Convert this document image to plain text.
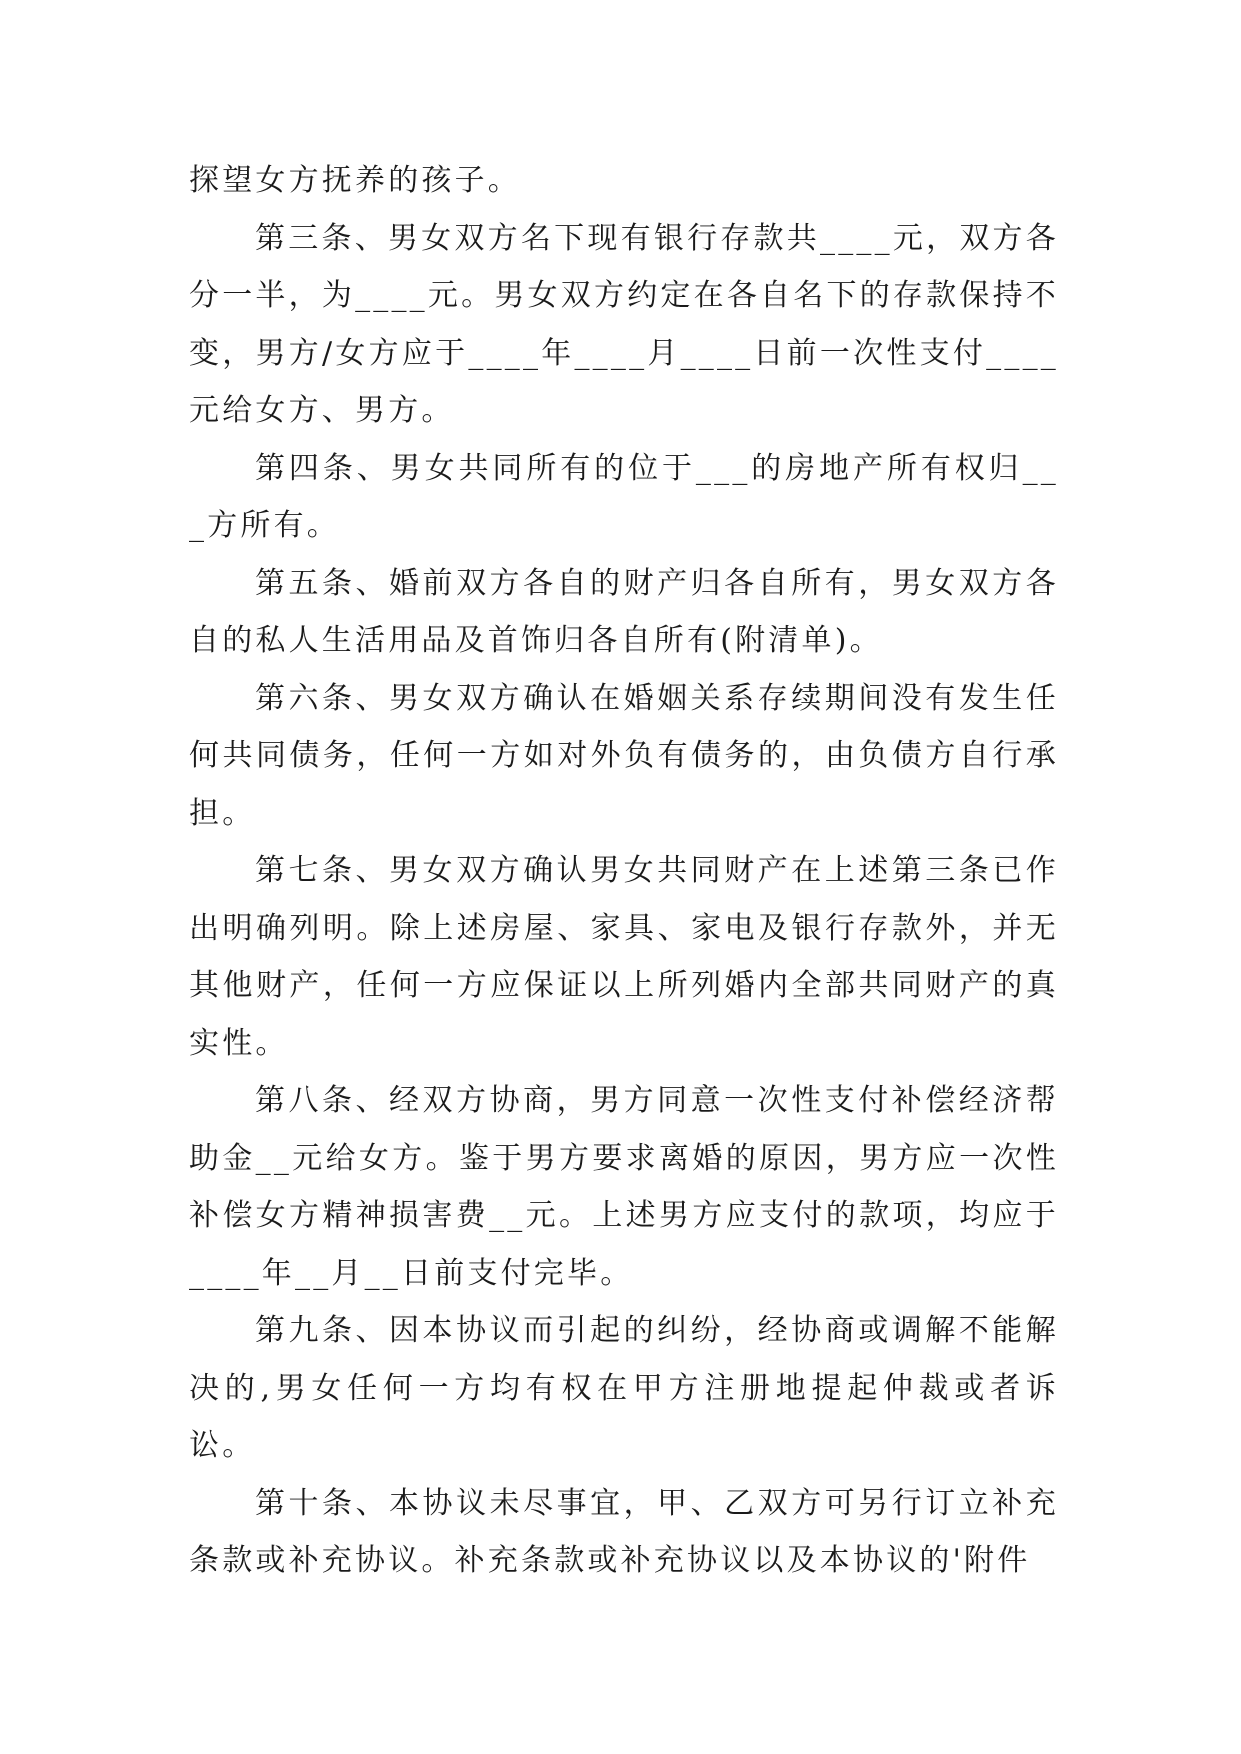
探望女方抚养的孩子。

第三条、男女双方名下现有银行存款共____元，双方各分一半，为____元。男女双方约定在各自名下的存款保持不变，男方/女方应于____年____月____日前一次性支付____元给女方、男方。

第四条、男女共同所有的位于___的房地产所有权归___方所有。

第五条、婚前双方各自的财产归各自所有，男女双方各自的私人生活用品及首饰归各自所有(附清单)。

第六条、男女双方确认在婚姻关系存续期间没有发生任何共同债务，任何一方如对外负有债务的，由负债方自行承担。

第七条、男女双方确认男女共同财产在上述第三条已作出明确列明。除上述房屋、家具、家电及银行存款外，并无其他财产，任何一方应保证以上所列婚内全部共同财产的真实性。

第八条、经双方协商，男方同意一次性支付补偿经济帮助金__元给女方。鉴于男方要求离婚的原因，男方应一次性补偿女方精神损害费__元。上述男方应支付的款项，均应于____年__月__日前支付完毕。

第九条、因本协议而引起的纠纷，经协商或调解不能解决的,男女任何一方均有权在甲方注册地提起仲裁或者诉讼。

第十条、本协议未尽事宜，甲、乙双方可另行订立补充条款或补充协议。补充条款或补充协议以及本协议的'附件
